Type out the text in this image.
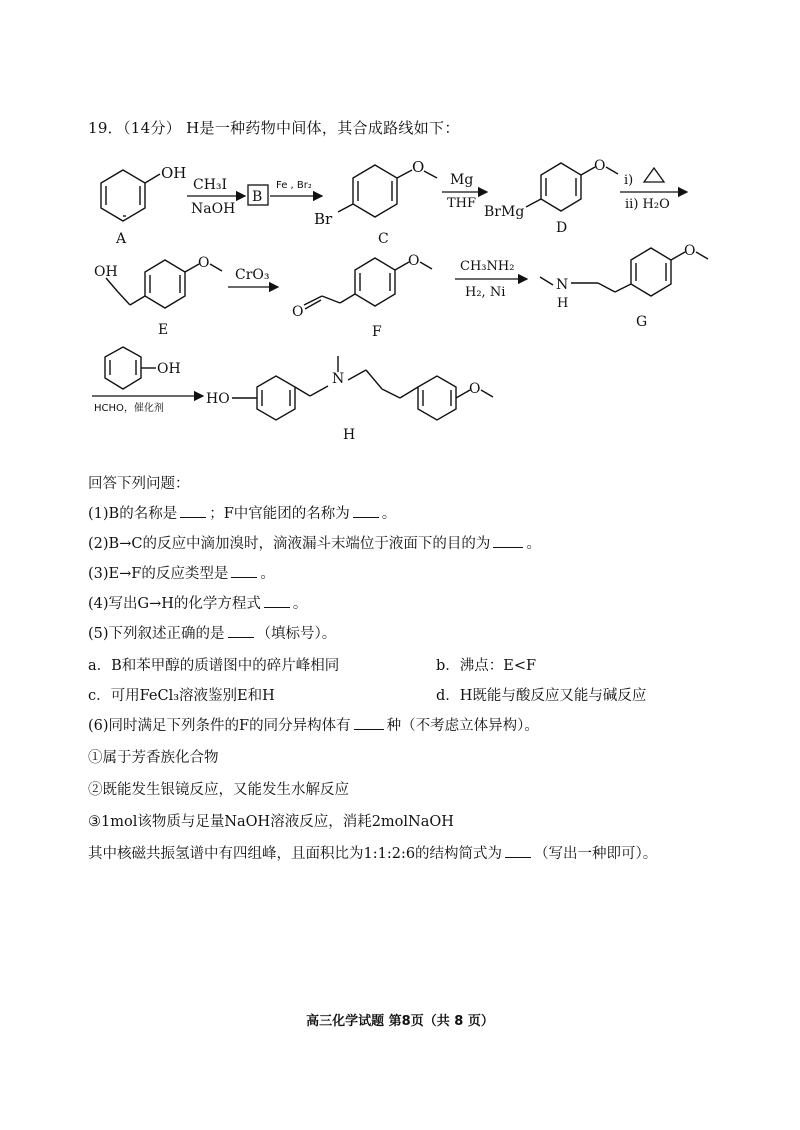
19．（14分） H是一种药物中间体，其合成路线如下：
OH
A
CH₃I
NaOH
B
Fe , Br₂
O
Br
C
Mg
THF
O
BrMg
D
i)
ii) H₂O
OH
O
E
CrO₃
O
O
F
CH₃NH₂
H₂, Ni	N
H
O
G
OH
HCHO，催化剂
HO
N
O
H
回答下列问题：
(1)B的名称是 ；F中官能团的名称为 。
(2)B→C的反应中滴加溴时，滴液漏斗末端位于液面下的目的为 。
(3)E→F的反应类型是 。
(4)写出G→H的化学方程式 。
(5)下列叙述正确的是 （填标号）。
a．B和苯甲醇的质谱图中的碎片峰相同	b．沸点：E<F
c．可用FeCl₃溶液鉴别E和H	d．H既能与酸反应又能与碱反应
(6)同时满足下列条件的F的同分异构体有 种（不考虑立体异构）。
①属于芳香族化合物
②既能发生银镜反应，又能发生水解反应
③1mol该物质与足量NaOH溶液反应，消耗2molNaOH
其中核磁共振氢谱中有四组峰，且面积比为1:1:2:6的结构简式为 （写出一种即可）。
高三化学试题 第8页（共 8 页）
